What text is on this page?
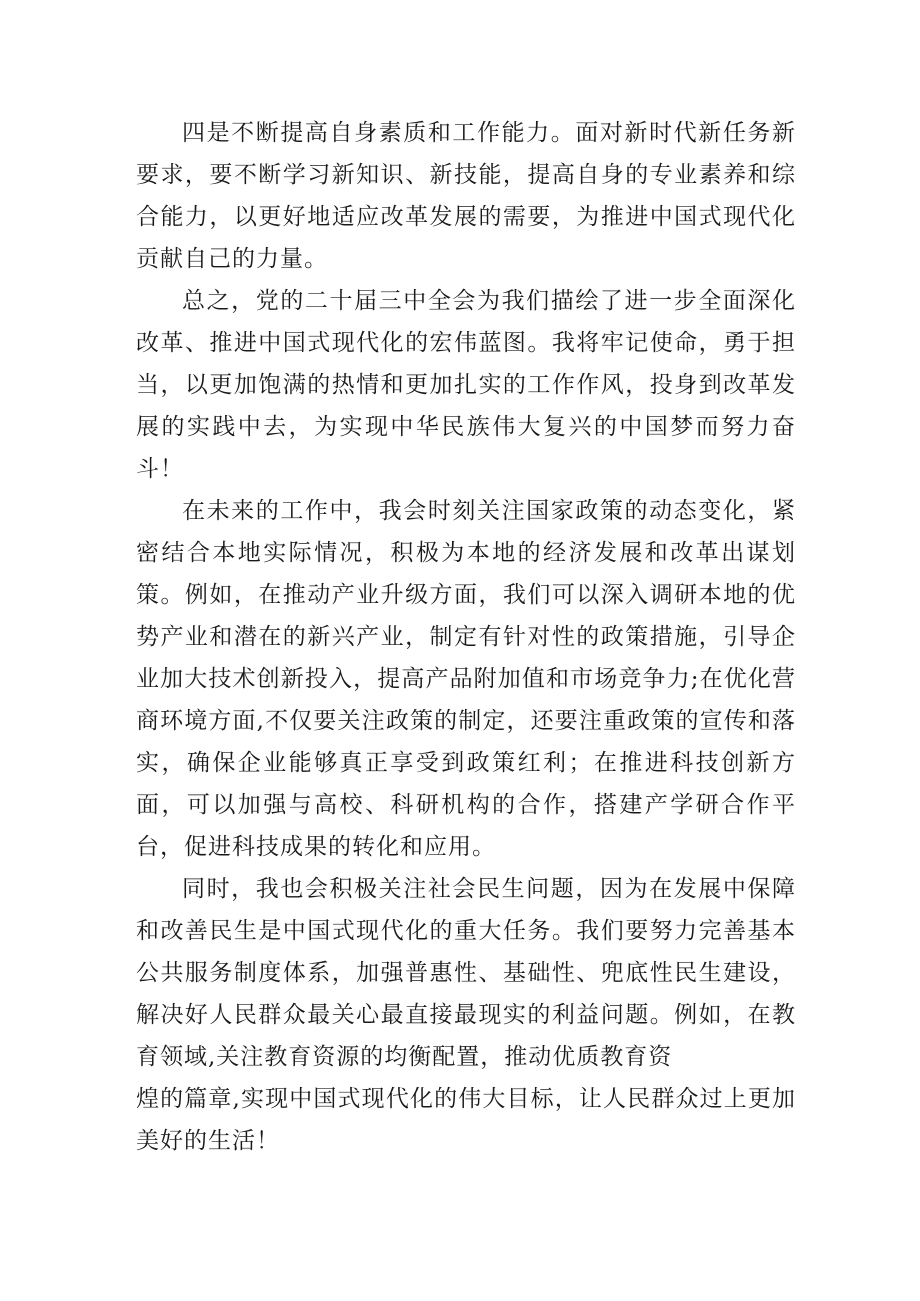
四是不断提高自身素质和工作能力。面对新时代新任务新要求，要不断学习新知识、新技能，提高自身的专业素养和综合能力，以更好地适应改革发展的需要，为推进中国式现代化贡献自己的力量。

总之，党的二十届三中全会为我们描绘了进一步全面深化改革、推进中国式现代化的宏伟蓝图。我将牢记使命，勇于担当，以更加饱满的热情和更加扎实的工作作风，投身到改革发展的实践中去，为实现中华民族伟大复兴的中国梦而努力奋斗！

在未来的工作中，我会时刻关注国家政策的动态变化，紧密结合本地实际情况，积极为本地的经济发展和改革出谋划策。例如，在推动产业升级方面，我们可以深入调研本地的优势产业和潜在的新兴产业，制定有针对性的政策措施，引导企业加大技术创新投入，提高产品附加值和市场竞争力;在优化营商环境方面,不仅要关注政策的制定，还要注重政策的宣传和落实，确保企业能够真正享受到政策红利；在推进科技创新方面，可以加强与高校、科研机构的合作，搭建产学研合作平台，促进科技成果的转化和应用。

同时，我也会积极关注社会民生问题，因为在发展中保障和改善民生是中国式现代化的重大任务。我们要努力完善基本公共服务制度体系，加强普惠性、基础性、兜底性民生建设，解决好人民群众最关心最直接最现实的利益问题。例如，在教育领域,关注教育资源的均衡配置，推动优质教育资

煌的篇章,实现中国式现代化的伟大目标，让人民群众过上更加美好的生活！
